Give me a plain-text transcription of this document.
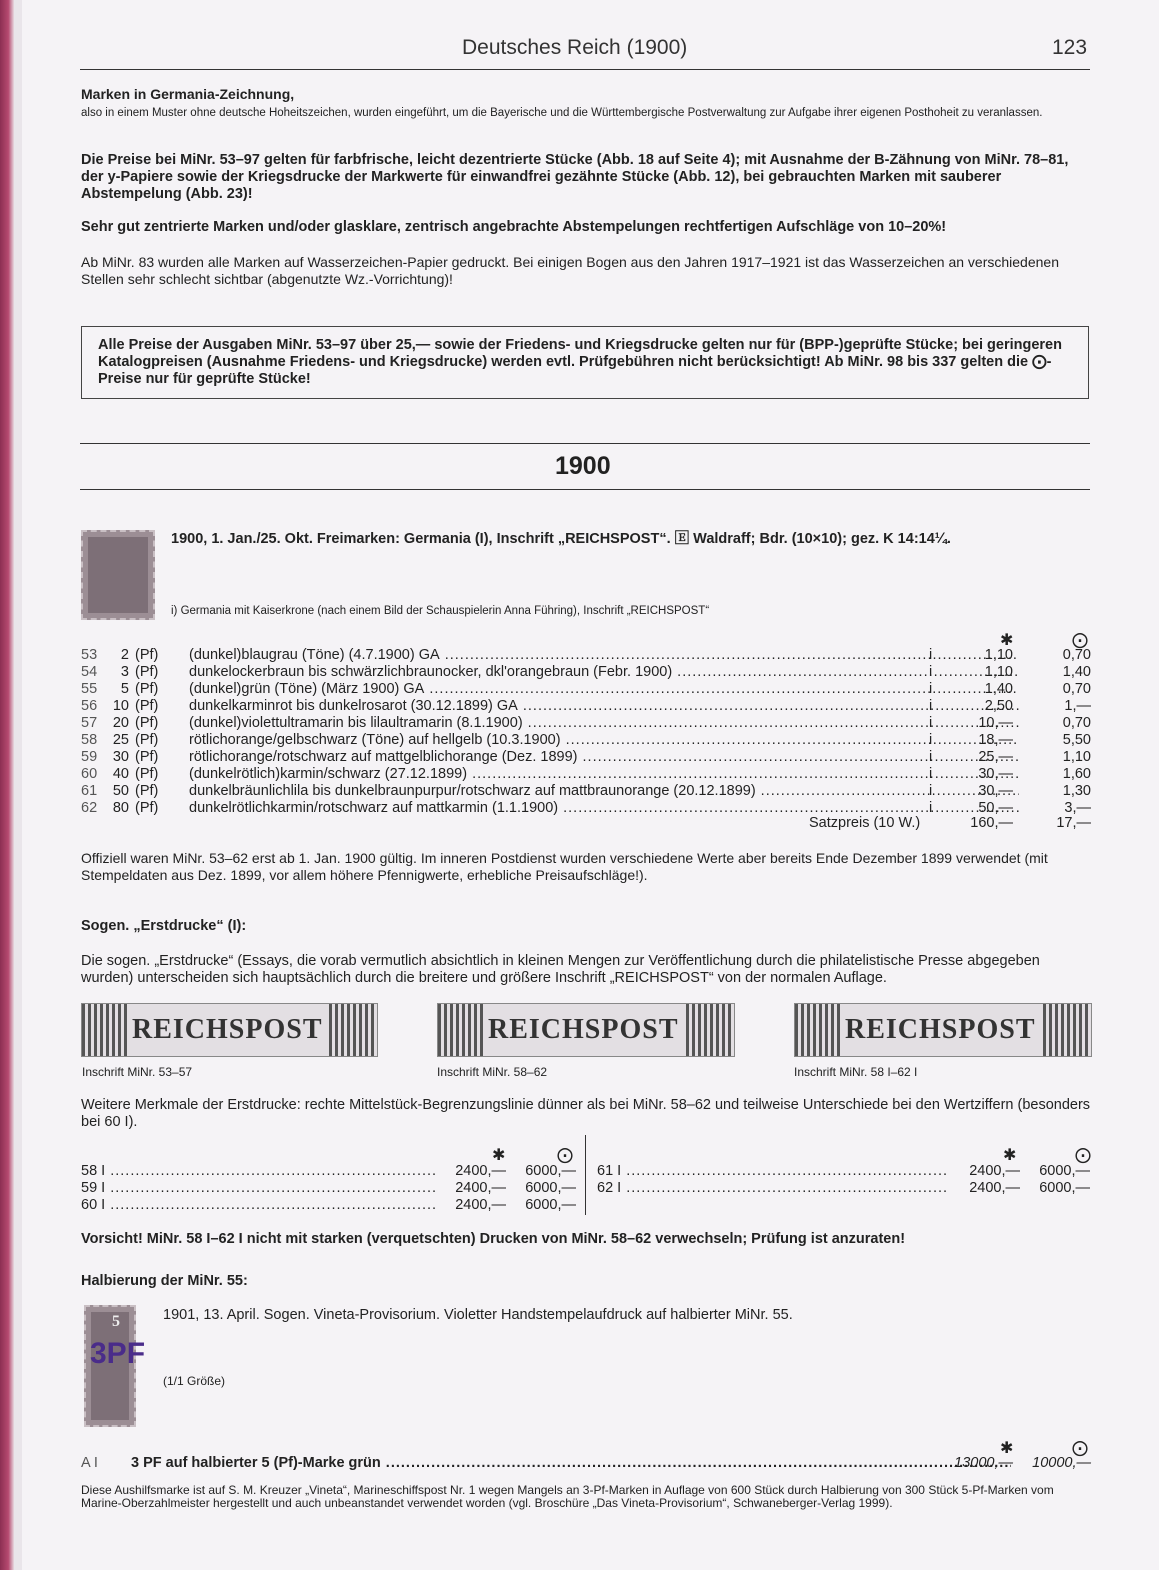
Deutsches Reich (1900)	123
Marken in Germania-Zeichnung,
also in einem Muster ohne deutsche Hoheitszeichen, wurden eingeführt, um die Bayerische und die Württembergische Postverwaltung zur Aufgabe ihrer eigenen Posthoheit zu veranlassen.
Die Preise bei MiNr. 53–97 gelten für farbfrische, leicht dezentrierte Stücke (Abb. 18 auf Seite 4); mit Ausnahme der B-Zähnung von MiNr. 78–81, der y-Papiere sowie der Kriegsdrucke der Markwerte für einwandfrei gezähnte Stücke (Abb. 12), bei gebrauchten Marken mit sauberer Abstempelung (Abb. 23)!
Sehr gut zentrierte Marken und/oder glasklare, zentrisch angebrachte Abstempelungen rechtfertigen Aufschläge von 10–20%!
Ab MiNr. 83 wurden alle Marken auf Wasserzeichen-Papier gedruckt. Bei einigen Bogen aus den Jahren 1917–1921 ist das Wasserzeichen an verschiedenen Stellen sehr schlecht sichtbar (abgenutzte Wz.-Vorrichtung)!
Alle Preise der Ausgaben MiNr. 53–97 über 25,— sowie der Friedens- und Kriegsdrucke gelten nur für (BPP-)geprüfte Stücke; bei geringeren Katalogpreisen (Ausnahme Friedens- und Kriegsdrucke) werden evtl. Prüfgebühren nicht berücksichtigt! Ab MiNr. 98 bis 337 gelten die ⨀-Preise nur für geprüfte Stücke!
1900
1900, 1. Jan./25. Okt. Freimarken: Germania (I), Inschrift „REICHSPOST“. 🄴 Waldraff; Bdr. (10×10); gez. K 14:14¼.
i) Germania mit Kaiserkrone (nach einem Bild der Schauspielerin Anna Führing), Inschrift „REICHSPOST“
✱	⨀
53	2 (Pf) (dunkel)blaugrau (Töne) (4.7.1900) GA .....	i	1,10	0,70
54	3 (Pf) dunkelockerbraun bis schwärzlichbraunocker, dkl'orangebraun (Febr. 1900) .....	i	1,10	1,40
55	5 (Pf) (dunkel)grün (Töne) (März 1900) GA .....	i	1,40	0,70
56	10 (Pf) dunkelkarminrot bis dunkelrosarot (30.12.1899) GA .....	i	2,50	1,—
57	20 (Pf) (dunkel)violettultramarin bis lilaultramarin (8.1.1900) .....	i	10,—	0,70
58	25 (Pf) rötlichorange/gelbschwarz (Töne) auf hellgelb (10.3.1900) .....	i	18,—	5,50
59	30 (Pf) rötlichorange/rotschwarz auf mattgelblichorange (Dez. 1899) .....	i	25,—	1,10
60	40 (Pf) (dunkelrötlich)karmin/schwarz (27.12.1899) .....	i	30,—	1,60
61	50 (Pf) dunkelbräunlichlila bis dunkelbraunpurpur/rotschwarz auf mattbraunorange (20.12.1899) .....	i	30,—	1,30
62	80 (Pf) dunkelrötlichkarmin/rotschwarz auf mattkarmin (1.1.1900) .....	i	50,—	3,—
Satzpreis (10 W.)	160,—	17,—
Offiziell waren MiNr. 53–62 erst ab 1. Jan. 1900 gültig. Im inneren Postdienst wurden verschiedene Werte aber bereits Ende Dezember 1899 verwendet (mit Stempeldaten aus Dez. 1899, vor allem höhere Pfennigwerte, erhebliche Preisaufschläge!).
Sogen. „Erstdrucke“ (I):
Die sogen. „Erstdrucke“ (Essays, die vorab vermutlich absichtlich in kleinen Mengen zur Veröffentlichung durch die philatelistische Presse abgegeben wurden) unterscheiden sich hauptsächlich durch die breitere und größere Inschrift „REICHSPOST“ von der normalen Auflage.
REICHSPOST	REICHSPOST	REICHSPOST
Inschrift MiNr. 53–57	Inschrift MiNr. 58–62	Inschrift MiNr. 58 I–62 I
Weitere Merkmale der Erstdrucke: rechte Mittelstück-Begrenzungslinie dünner als bei MiNr. 58–62 und teilweise Unterschiede bei den Wertziffern (besonders bei 60 I).
✱	⨀	✱	⨀
58 I .....	2400,—	6000,—
59 I .....	2400,—	6000,—
60 I .....	2400,—	6000,—
61 I .....	2400,—	6000,—
62 I .....	2400,—	6000,—
Vorsicht! MiNr. 58 I–62 I nicht mit starken (verquetschten) Drucken von MiNr. 58–62 verwechseln; Prüfung ist anzuraten!
Halbierung der MiNr. 55:
5
3PF
1901, 13. April. Sogen. Vineta-Provisorium. Violetter Handstempelaufdruck auf halbierter MiNr. 55.
(1/1 Größe)
✱	⨀
A I 3 PF auf halbierter 5 (Pf)-Marke grün .....	13000,—	10000,—
Diese Aushilfsmarke ist auf S. M. Kreuzer „Vineta“, Marineschiffspost Nr. 1 wegen Mangels an 3-Pf-Marken in Auflage von 600 Stück durch Halbierung von 300 Stück 5-Pf-Marken vom Marine-Oberzahlmeister hergestellt und auch unbeanstandet verwendet worden (vgl. Broschüre „Das Vineta-Provisorium“, Schwaneberger-Verlag 1999).
